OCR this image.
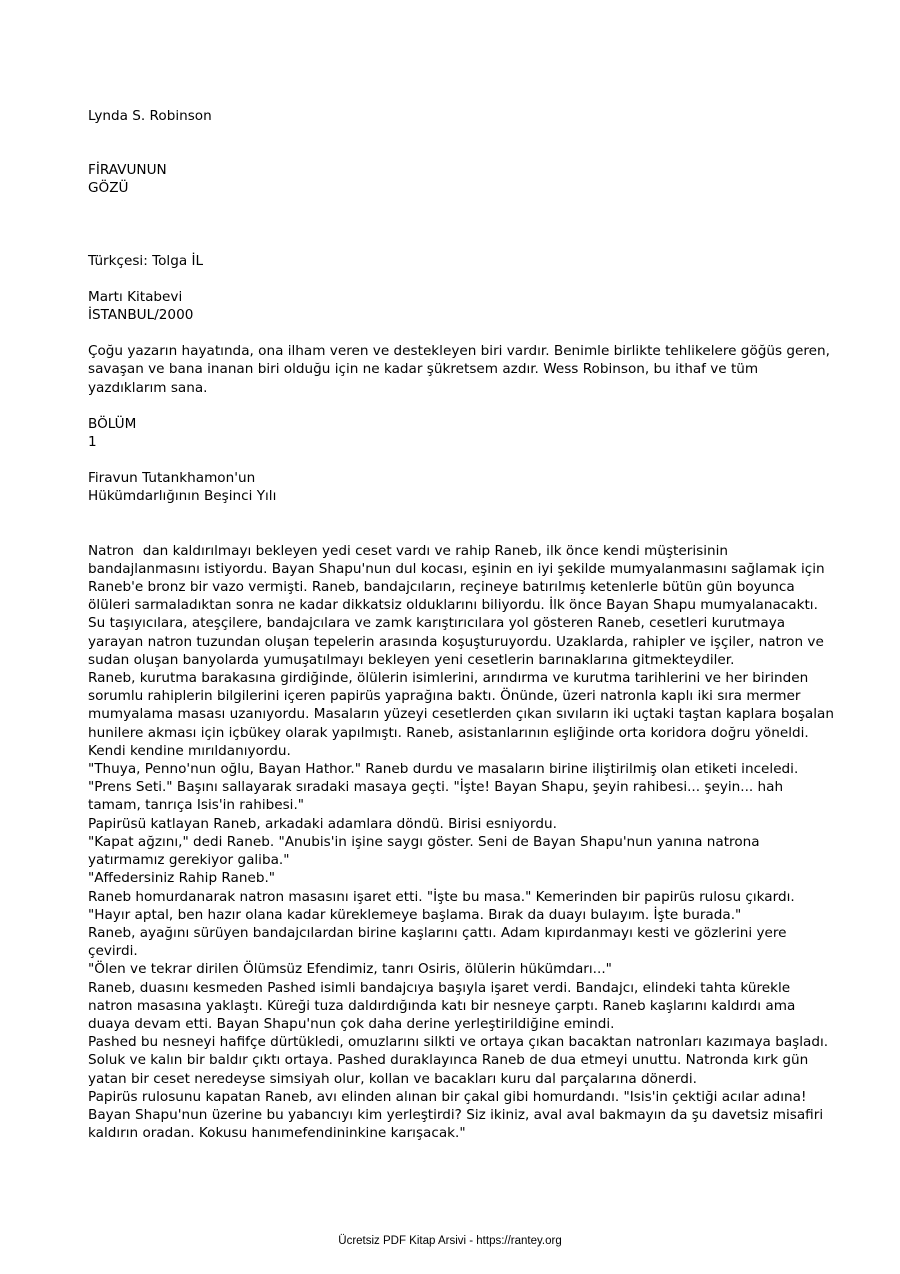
Lynda S. Robinson
FİRAVUNUN
GÖZÜ
Türkçesi: Tolga İL
Martı Kitabevi
İSTANBUL/2000
Çoğu yazarın hayatında, ona ilham veren ve destekleyen biri vardır. Benimle birlikte tehlikelere göğüs geren,
savaşan ve bana inanan biri olduğu için ne kadar şükretsem azdır. Wess Robinson, bu ithaf ve tüm
yazdıklarım sana.
BÖLÜM
1
Firavun Tutankhamon'un
Hükümdarlığının Beşinci Yılı
Natron  dan kaldırılmayı bekleyen yedi ceset vardı ve rahip Raneb, ilk önce kendi müşterisinin
bandajlanmasını istiyordu. Bayan Shapu'nun dul kocası, eşinin en iyi şekilde mumyalanmasını sağlamak için
Raneb'e bronz bir vazo vermişti. Raneb, bandajcıların, reçineye batırılmış ketenlerle bütün gün boyunca
ölüleri sarmaladıktan sonra ne kadar dikkatsiz olduklarını biliyordu. İlk önce Bayan Shapu mumyalanacaktı.
Su taşıyıcılara, ateşçilere, bandajcılara ve zamk karıştırıcılara yol gösteren Raneb, cesetleri kurutmaya
yarayan natron tuzundan oluşan tepelerin arasında koşuşturuyordu. Uzaklarda, rahipler ve işçiler, natron ve
sudan oluşan banyolarda yumuşatılmayı bekleyen yeni cesetlerin barınaklarına gitmekteydiler.
Raneb, kurutma barakasına girdiğinde, ölülerin isimlerini, arındırma ve kurutma tarihlerini ve her birinden
sorumlu rahiplerin bilgilerini içeren papirüs yaprağına baktı. Önünde, üzeri natronla kaplı iki sıra mermer
mumyalama masası uzanıyordu. Masaların yüzeyi cesetlerden çıkan sıvıların iki uçtaki taştan kaplara boşalan
hunilere akması için içbükey olarak yapılmıştı. Raneb, asistanlarının eşliğinde orta koridora doğru yöneldi.
Kendi kendine mırıldanıyordu.
"Thuya, Penno'nun oğlu, Bayan Hathor." Raneb durdu ve masaların birine iliştirilmiş olan etiketi inceledi.
"Prens Seti." Başını sallayarak sıradaki masaya geçti. "İşte! Bayan Shapu, şeyin rahibesi... şeyin... hah
tamam, tanrıça Isis'in rahibesi."
Papirüsü katlayan Raneb, arkadaki adamlara döndü. Birisi esniyordu.
"Kapat ağzını," dedi Raneb. "Anubis'in işine saygı göster. Seni de Bayan Shapu'nun yanına natrona
yatırmamız gerekiyor galiba."
"Affedersiniz Rahip Raneb."
Raneb homurdanarak natron masasını işaret etti. "İşte bu masa." Kemerinden bir papirüs rulosu çıkardı.
"Hayır aptal, ben hazır olana kadar küreklemeye başlama. Bırak da duayı bulayım. İşte burada."
Raneb, ayağını sürüyen bandajcılardan birine kaşlarını çattı. Adam kıpırdanmayı kesti ve gözlerini yere
çevirdi.
"Ölen ve tekrar dirilen Ölümsüz Efendimiz, tanrı Osiris, ölülerin hükümdarı..."
Raneb, duasını kesmeden Pashed isimli bandajcıya başıyla işaret verdi. Bandajcı, elindeki tahta kürekle
natron masasına yaklaştı. Küreği tuza daldırdığında katı bir nesneye çarptı. Raneb kaşlarını kaldırdı ama
duaya devam etti. Bayan Shapu'nun çok daha derine yerleştirildiğine emindi.
Pashed bu nesneyi hafifçe dürtükledi, omuzlarını silkti ve ortaya çıkan bacaktan natronları kazımaya başladı.
Soluk ve kalın bir baldır çıktı ortaya. Pashed duraklayınca Raneb de dua etmeyi unuttu. Natronda kırk gün
yatan bir ceset neredeyse simsiyah olur, kollan ve bacakları kuru dal parçalarına dönerdi.
Papirüs rulosunu kapatan Raneb, avı elinden alınan bir çakal gibi homurdandı. "Isis'in çektiği acılar adına!
Bayan Shapu'nun üzerine bu yabancıyı kim yerleştirdi? Siz ikiniz, aval aval bakmayın da şu davetsiz misafiri
kaldırın oradan. Kokusu hanımefendininkine karışacak."
Ücretsiz PDF Kitap Arsivi - https://rantey.org
